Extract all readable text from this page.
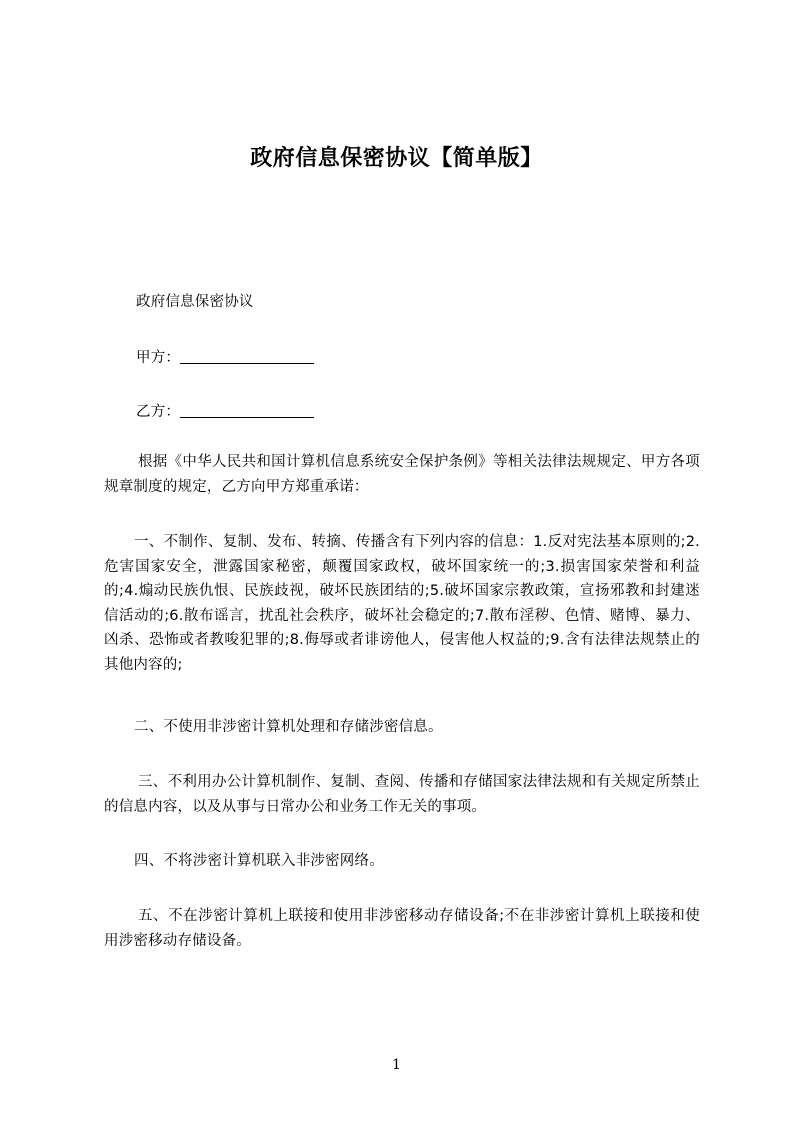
政府信息保密协议【简单版】
政府信息保密协议
甲方：
乙方：
根据《中华人民共和国计算机信息系统安全保护条例》等相关法律法规规定、甲方各项规章制度的规定，乙方向甲方郑重承诺：
一、不制作、复制、发布、转摘、传播含有下列内容的信息：1.反对宪法基本原则的;2.危害国家安全，泄露国家秘密，颠覆国家政权，破坏国家统一的;3.损害国家荣誉和利益的;4.煽动民族仇恨、民族歧视，破坏民族团结的;5.破坏国家宗教政策，宣扬邪教和封建迷信活动的;6.散布谣言，扰乱社会秩序，破坏社会稳定的;7.散布淫秽、色情、赌博、暴力、凶杀、恐怖或者教唆犯罪的;8.侮辱或者诽谤他人，侵害他人权益的;9.含有法律法规禁止的其他内容的;
二、不使用非涉密计算机处理和存储涉密信息。
三、不利用办公计算机制作、复制、查阅、传播和存储国家法律法规和有关规定所禁止的信息内容，以及从事与日常办公和业务工作无关的事项。
四、不将涉密计算机联入非涉密网络。
五、不在涉密计算机上联接和使用非涉密移动存储设备;不在非涉密计算机上联接和使用涉密移动存储设备。
1
